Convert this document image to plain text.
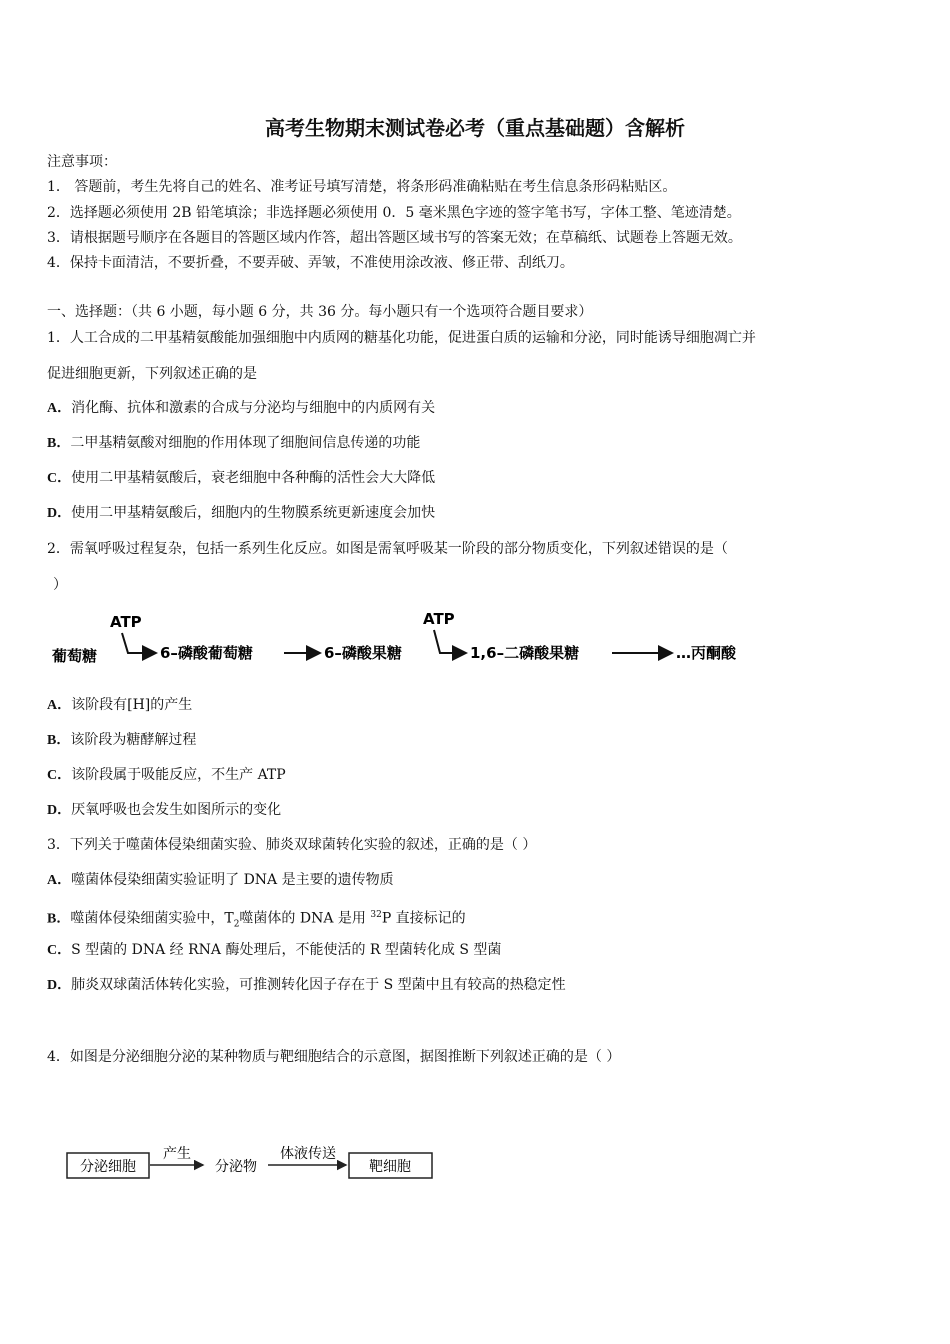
高考生物期末测试卷必考（重点基础题）含解析
注意事项：
1． 答题前，考生先将自己的姓名、准考证号填写清楚，将条形码准确粘贴在考生信息条形码粘贴区。
2．选择题必须使用 2B 铅笔填涂；非选择题必须使用 0．5 毫米黑色字迹的签字笔书写，字体工整、笔迹清楚。
3．请根据题号顺序在各题目的答题区域内作答，超出答题区域书写的答案无效；在草稿纸、试题卷上答题无效。
4．保持卡面清洁，不要折叠，不要弄破、弄皱，不准使用涂改液、修正带、刮纸刀。
一、选择题：（共 6 小题，每小题 6 分，共 36 分。每小题只有一个选项符合题目要求）
1．人工合成的二甲基精氨酸能加强细胞中内质网的糖基化功能，促进蛋白质的运输和分泌，同时能诱导细胞凋亡并
促进细胞更新，下列叙述正确的是
A．消化酶、抗体和激素的合成与分泌均与细胞中的内质网有关
B．二甲基精氨酸对细胞的作用体现了细胞间信息传递的功能
C．使用二甲基精氨酸后，衰老细胞中各种酶的活性会大大降低
D．使用二甲基精氨酸后，细胞内的生物膜系统更新速度会加快
2．需氧呼吸过程复杂，包括一系列生化反应。如图是需氧呼吸某一阶段的部分物质变化，下列叙述错误的是（
）
ATP	ATP
葡萄糖	6–磷酸葡萄糖	6–磷酸果糖	1,6–二磷酸果糖	…丙酮酸
A．该阶段有[H]的产生
B．该阶段为糖酵解过程
C．该阶段属于吸能反应，不生产 ATP
D．厌氧呼吸也会发生如图所示的变化
3．下列关于噬菌体侵染细菌实验、肺炎双球菌转化实验的叙述，正确的是（ ）
A．噬菌体侵染细菌实验证明了 DNA 是主要的遗传物质
B．噬菌体侵染细菌实验中，$T_2$噬菌体的 DNA 是用 $^{32}$P 直接标记的
C．S 型菌的 DNA 经 RNA 酶处理后，不能使活的 R 型菌转化成 S 型菌
D．肺炎双球菌活体转化实验，可推测转化因子存在于 S 型菌中且有较高的热稳定性
4．如图是分泌细胞分泌的某种物质与靶细胞结合的示意图，据图推断下列叙述正确的是（ ）
分泌细胞
产生
分泌物
体液传送
靶细胞
